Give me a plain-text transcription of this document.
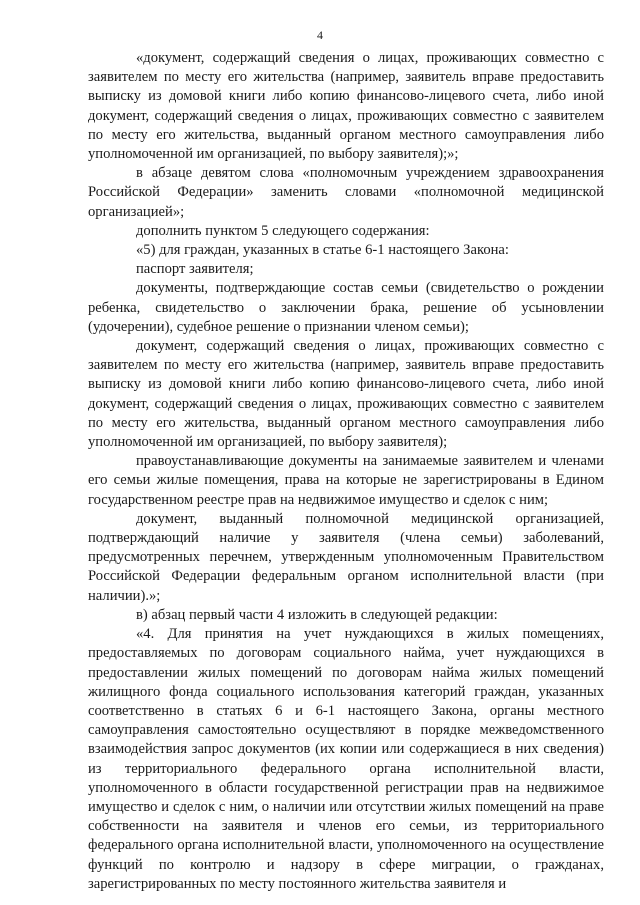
4

«документ, содержащий сведения о лицах, проживающих совместно с заявителем по месту его жительства (например, заявитель вправе предоставить выписку из домовой книги либо копию финансово-лицевого счета, либо иной документ, содержащий сведения о лицах, проживающих совместно с заявителем по месту его жительства, выданный органом местного самоуправления либо уполномоченной им организацией, по выбору заявителя);»;

в абзаце девятом слова «полномочным учреждением здравоохранения Российской Федерации» заменить словами «полномочной медицинской организацией»;

дополнить пунктом 5 следующего содержания:

«5) для граждан, указанных в статье 6-1 настоящего Закона:

паспорт заявителя;

документы, подтверждающие состав семьи (свидетельство о рождении ребенка, свидетельство о заключении брака, решение об усыновлении (удочерении), судебное решение о признании членом семьи);

документ, содержащий сведения о лицах, проживающих совместно с заявителем по месту его жительства (например, заявитель вправе предоставить выписку из домовой книги либо копию финансово-лицевого счета, либо иной документ, содержащий сведения о лицах, проживающих совместно с заявителем по месту его жительства, выданный органом местного самоуправления либо уполномоченной им организацией, по выбору заявителя);

правоустанавливающие документы на занимаемые заявителем и членами его семьи жилые помещения, права на которые не зарегистрированы в Едином государственном реестре прав на недвижимое имущество и сделок с ним;

документ, выданный полномочной медицинской организацией, подтверждающий наличие у заявителя (члена семьи) заболеваний, предусмотренных перечнем, утвержденным уполномоченным Правительством Российской Федерации федеральным органом исполнительной власти (при наличии).»;

в) абзац первый части 4 изложить в следующей редакции:

«4. Для принятия на учет нуждающихся в жилых помещениях, предоставляемых по договорам социального найма, учет нуждающихся в предоставлении жилых помещений по договорам найма жилых помещений жилищного фонда социального использования категорий граждан, указанных соответственно в статьях 6 и 6-1 настоящего Закона, органы местного самоуправления самостоятельно осуществляют в порядке межведомственного взаимодействия запрос документов (их копии или содержащиеся в них сведения) из территориального федерального органа исполнительной власти, уполномоченного в области государственной регистрации прав на недвижимое имущество и сделок с ним, о наличии или отсутствии жилых помещений на праве собственности на заявителя и членов его семьи, из территориального федерального органа исполнительной власти, уполномоченного на осуществление функций по контролю и надзору в сфере миграции, о гражданах, зарегистрированных по месту постоянного жительства заявителя и
